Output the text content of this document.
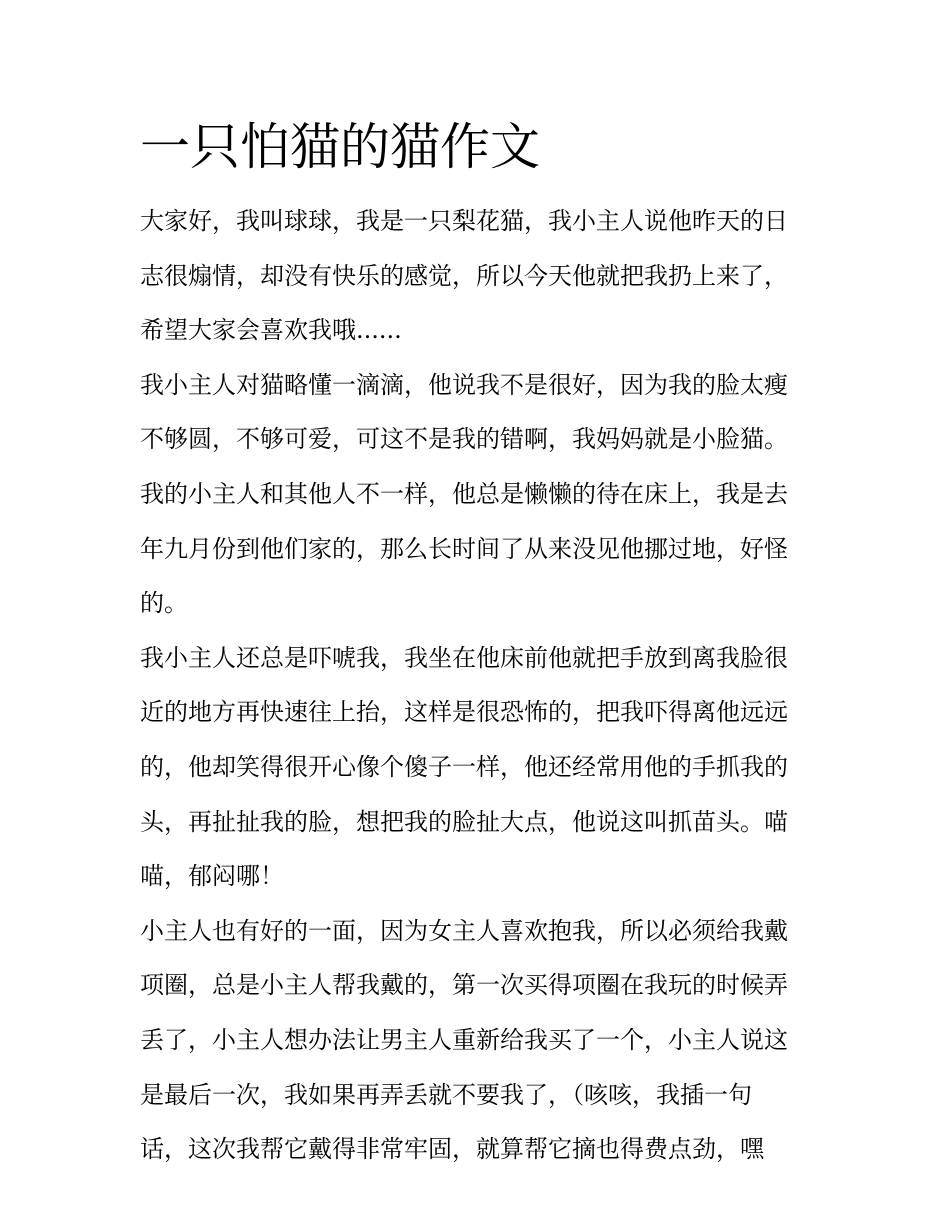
一只怕猫的猫作文

大家好，我叫球球，我是一只梨花猫，我小主人说他昨天的日

志很煽情，却没有快乐的感觉，所以今天他就把我扔上来了，

希望大家会喜欢我哦......

我小主人对猫略懂一滴滴，他说我不是很好，因为我的脸太瘦

不够圆，不够可爱，可这不是我的错啊，我妈妈就是小脸猫。

我的小主人和其他人不一样，他总是懒懒的待在床上，我是去

年九月份到他们家的，那么长时间了从来没见他挪过地，好怪

的。

我小主人还总是吓唬我，我坐在他床前他就把手放到离我脸很

近的地方再快速往上抬，这样是很恐怖的，把我吓得离他远远

的，他却笑得很开心像个傻子一样，他还经常用他的手抓我的

头，再扯扯我的脸，想把我的脸扯大点，他说这叫抓苗头。喵

喵，郁闷哪！

小主人也有好的一面，因为女主人喜欢抱我，所以必须给我戴

项圈，总是小主人帮我戴的，第一次买得项圈在我玩的时候弄

丢了，小主人想办法让男主人重新给我买了一个，小主人说这

是最后一次，我如果再弄丢就不要我了，（咳咳，我插一句

话，这次我帮它戴得非常牢固，就算帮它摘也得费点劲，嘿
